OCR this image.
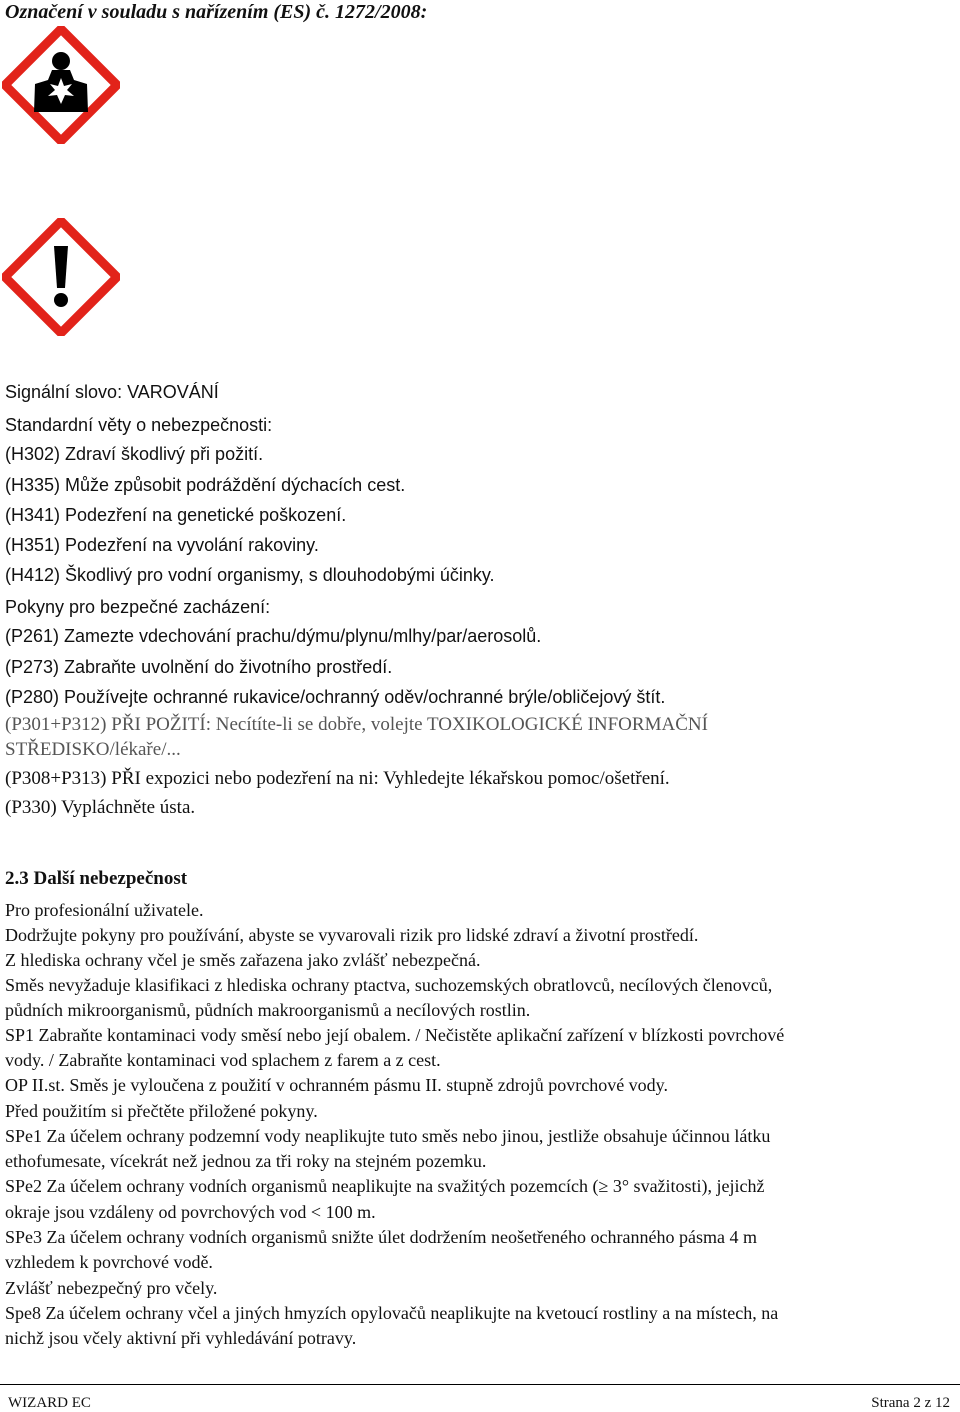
Označení v souladu s nařízením (ES) č. 1272/2008:
Signální slovo: VAROVÁNÍ
Standardní věty o nebezpečnosti:
(H302) Zdraví škodlivý při požití.
(H335) Může způsobit podráždění dýchacích cest.
(H341) Podezření na genetické poškození.
(H351) Podezření na vyvolání rakoviny.
(H412) Škodlivý pro vodní organismy, s dlouhodobými účinky.
Pokyny pro bezpečné zacházení:
(P261) Zamezte vdechování prachu/dýmu/plynu/mlhy/par/aerosolů.
(P273) Zabraňte uvolnění do životního prostředí.
(P280) Používejte ochranné rukavice/ochranný oděv/ochranné brýle/obličejový štít.
(P301+P312) PŘI POŽITÍ: Necítíte-li se dobře, volejte TOXIKOLOGICKÉ INFORMAČNÍ
STŘEDISKO/lékaře/...
(P308+P313) PŘI expozici nebo podezření na ni: Vyhledejte lékařskou pomoc/ošetření.
(P330) Vypláchněte ústa.
2.3 Další nebezpečnost
Pro profesionální uživatele.
Dodržujte pokyny pro používání, abyste se vyvarovali rizik pro lidské zdraví a životní prostředí.
Z hlediska ochrany včel je směs zařazena jako zvlášť nebezpečná.
Směs nevyžaduje klasifikaci z hlediska ochrany ptactva, suchozemských obratlovců, necílových členovců,
půdních mikroorganismů, půdních makroorganismů a necílových rostlin.
SP1 Zabraňte kontaminaci vody směsí nebo její obalem. / Nečistěte aplikační zařízení v blízkosti povrchové
vody. / Zabraňte kontaminaci vod splachem z farem a z cest.
OP II.st. Směs je vyloučena z použití v ochranném pásmu II. stupně zdrojů povrchové vody.
Před použitím si přečtěte přiložené pokyny.
SPe1 Za účelem ochrany podzemní vody neaplikujte tuto směs nebo jinou, jestliže obsahuje účinnou látku
ethofumesate, vícekrát než jednou za tři roky na stejném pozemku.
SPe2 Za účelem ochrany vodních organismů neaplikujte na svažitých pozemcích (≥ 3° svažitosti), jejichž
okraje jsou vzdáleny od povrchových vod < 100 m.
SPe3 Za účelem ochrany vodních organismů snižte úlet dodržením neošetřeného ochranného pásma 4 m
vzhledem k povrchové vodě.
Zvlášť nebezpečný pro včely.
Spe8 Za účelem ochrany včel a jiných hmyzích opylovačů neaplikujte na kvetoucí rostliny a na místech, na
nichž jsou včely aktivní při vyhledávání potravy.
WIZARD EC	Strana 2 z 12
